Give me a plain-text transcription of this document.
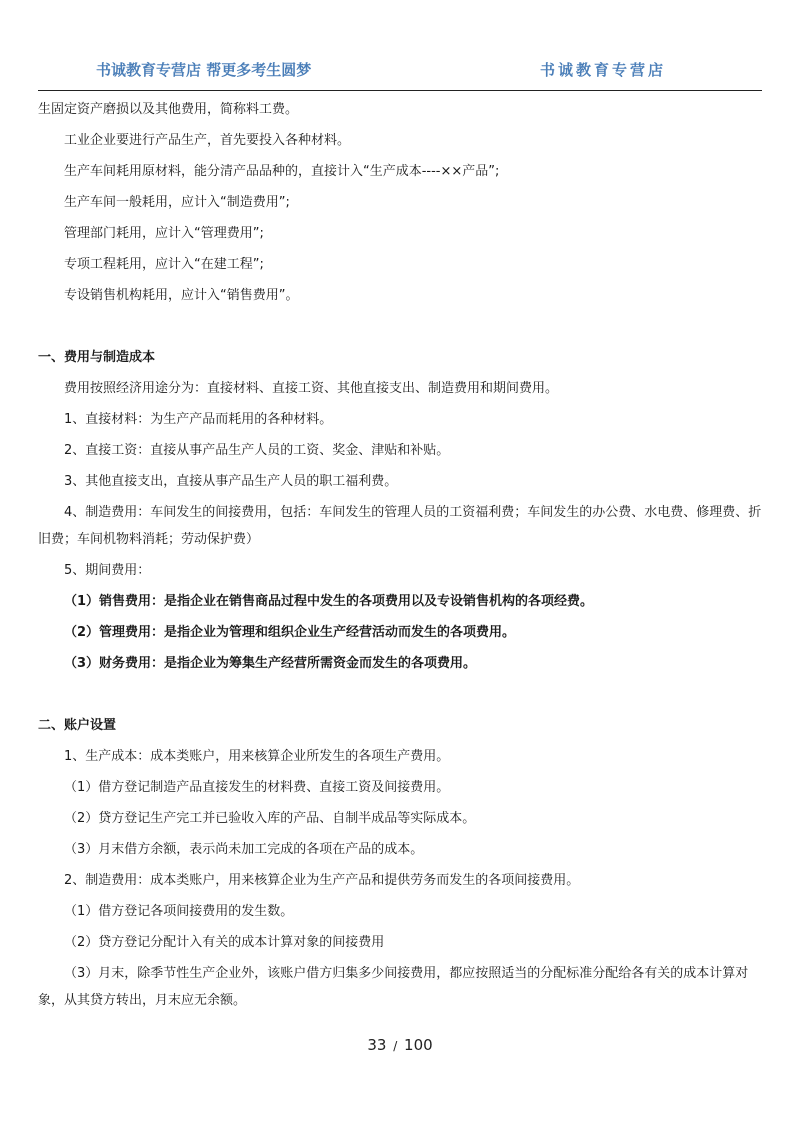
书诚教育专营店 帮更多考生圆梦	书诚教育专营店

生固定资产磨损以及其他费用，简称料工费。

工业企业要进行产品生产，首先要投入各种材料。

生产车间耗用原材料，能分清产品品种的，直接计入“生产成本----××产品”;

生产车间一般耗用，应计入“制造费用”;

管理部门耗用，应计入“管理费用”;

专项工程耗用，应计入“在建工程”;

专设销售机构耗用，应计入“销售费用”。

一、费用与制造成本

费用按照经济用途分为：直接材料、直接工资、其他直接支出、制造费用和期间费用。

1、直接材料：为生产产品而耗用的各种材料。

2、直接工资：直接从事产品生产人员的工资、奖金、津贴和补贴。

3、其他直接支出，直接从事产品生产人员的职工福利费。

4、制造费用：车间发生的间接费用，包括：车间发生的管理人员的工资福利费；车间发生的办公费、水电费、修理费、折旧费；车间机物料消耗；劳动保护费）

5、期间费用：

（1）销售费用：是指企业在销售商品过程中发生的各项费用以及专设销售机构的各项经费。

（2）管理费用：是指企业为管理和组织企业生产经营活动而发生的各项费用。

（3）财务费用：是指企业为筹集生产经营所需资金而发生的各项费用。

二、账户设置

1、生产成本：成本类账户，用来核算企业所发生的各项生产费用。

（1）借方登记制造产品直接发生的材料费、直接工资及间接费用。

（2）贷方登记生产完工并已验收入库的产品、自制半成品等实际成本。

（3）月末借方余额，表示尚未加工完成的各项在产品的成本。

2、制造费用：成本类账户，用来核算企业为生产产品和提供劳务而发生的各项间接费用。

（1）借方登记各项间接费用的发生数。

（2）贷方登记分配计入有关的成本计算对象的间接费用

（3）月末，除季节性生产企业外，该账户借方归集多少间接费用，都应按照适当的分配标准分配给各有关的成本计算对象，从其贷方转出，月末应无余额。

33 / 100
